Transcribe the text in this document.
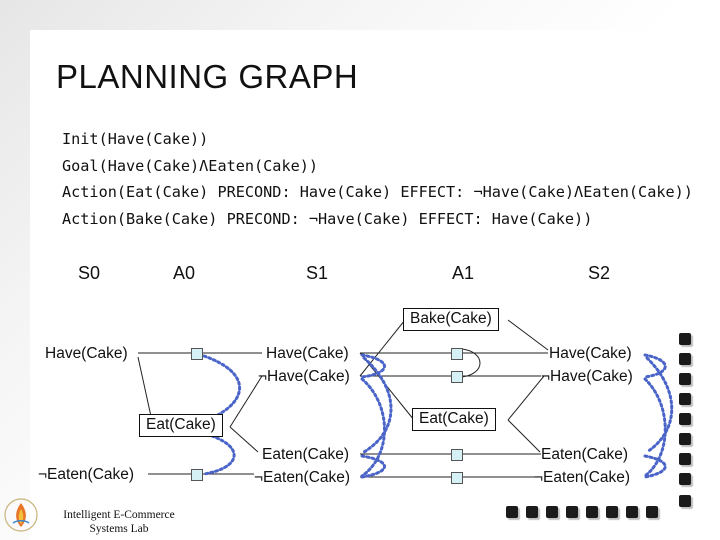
PLANNING GRAPH
Init(Have(Cake))
Goal(Have(Cake)ΛEaten(Cake))
Action(Eat(Cake) PRECOND: Have(Cake) EFFECT: ¬Have(Cake)ΛEaten(Cake))
Action(Bake(Cake) PRECOND: ¬Have(Cake) EFFECT: Have(Cake))
S0	A0	S1	A1	S2
Have(Cake)
¬Eaten(Cake)
Eat(Cake)
Have(Cake)
¬Have(Cake)
Eaten(Cake)
¬Eaten(Cake)
Bake(Cake)
Eat(Cake)
Have(Cake)
¬Have(Cake)
Eaten(Cake)
¬Eaten(Cake)
Intelligent E-Commerce
Systems Lab
